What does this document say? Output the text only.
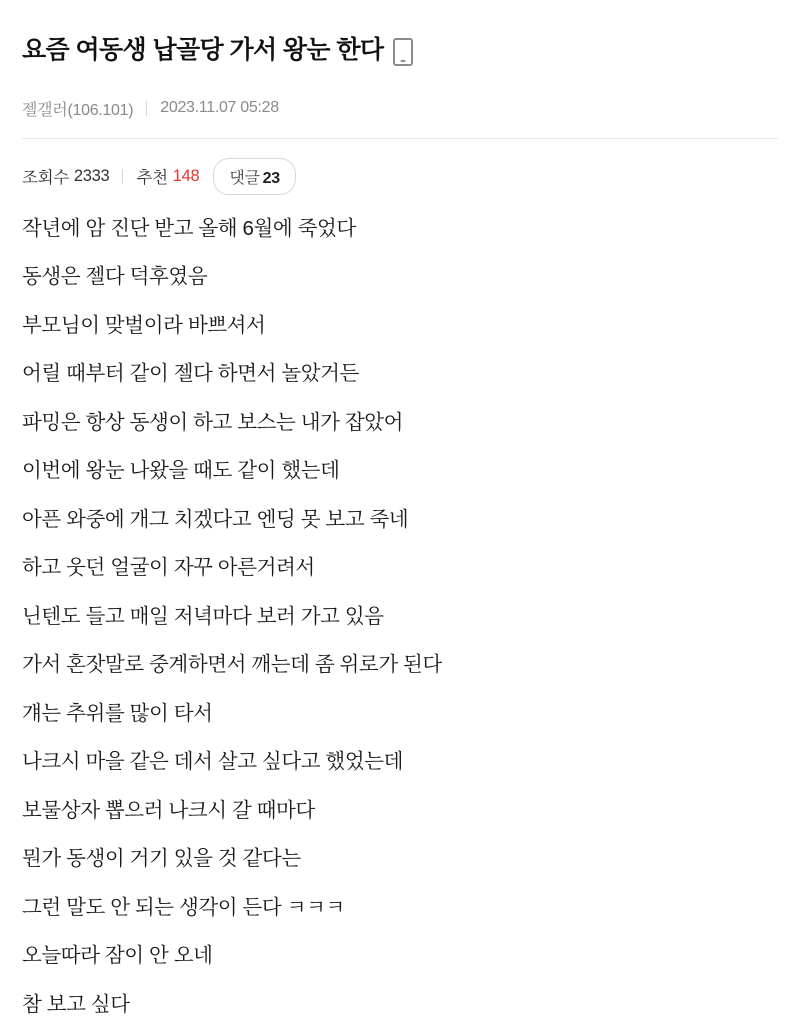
요즘 여동생 납골당 가서 왕눈 한다
젤갤러(106.101) 2023.11.07 05:28
조회수 2333 추천 148 댓글 23

작년에 암 진단 받고 올해 6월에 죽었다

동생은 젤다 덕후였음

부모님이 맞벌이라 바쁘셔서

어릴 때부터 같이 젤다 하면서 놀았거든

파밍은 항상 동생이 하고 보스는 내가 잡았어

이번에 왕눈 나왔을 때도 같이 했는데

아픈 와중에 개그 치겠다고 엔딩 못 보고 죽네

하고 웃던 얼굴이 자꾸 아른거려서

닌텐도 들고 매일 저녁마다 보러 가고 있음

가서 혼잣말로 중계하면서 깨는데 좀 위로가 된다

걔는 추위를 많이 타서

나크시 마을 같은 데서 살고 싶다고 했었는데

보물상자 뽑으러 나크시 갈 때마다

뭔가 동생이 거기 있을 것 같다는

그런 말도 안 되는 생각이 든다 ㅋㅋㅋ

오늘따라 잠이 안 오네

참 보고 싶다
